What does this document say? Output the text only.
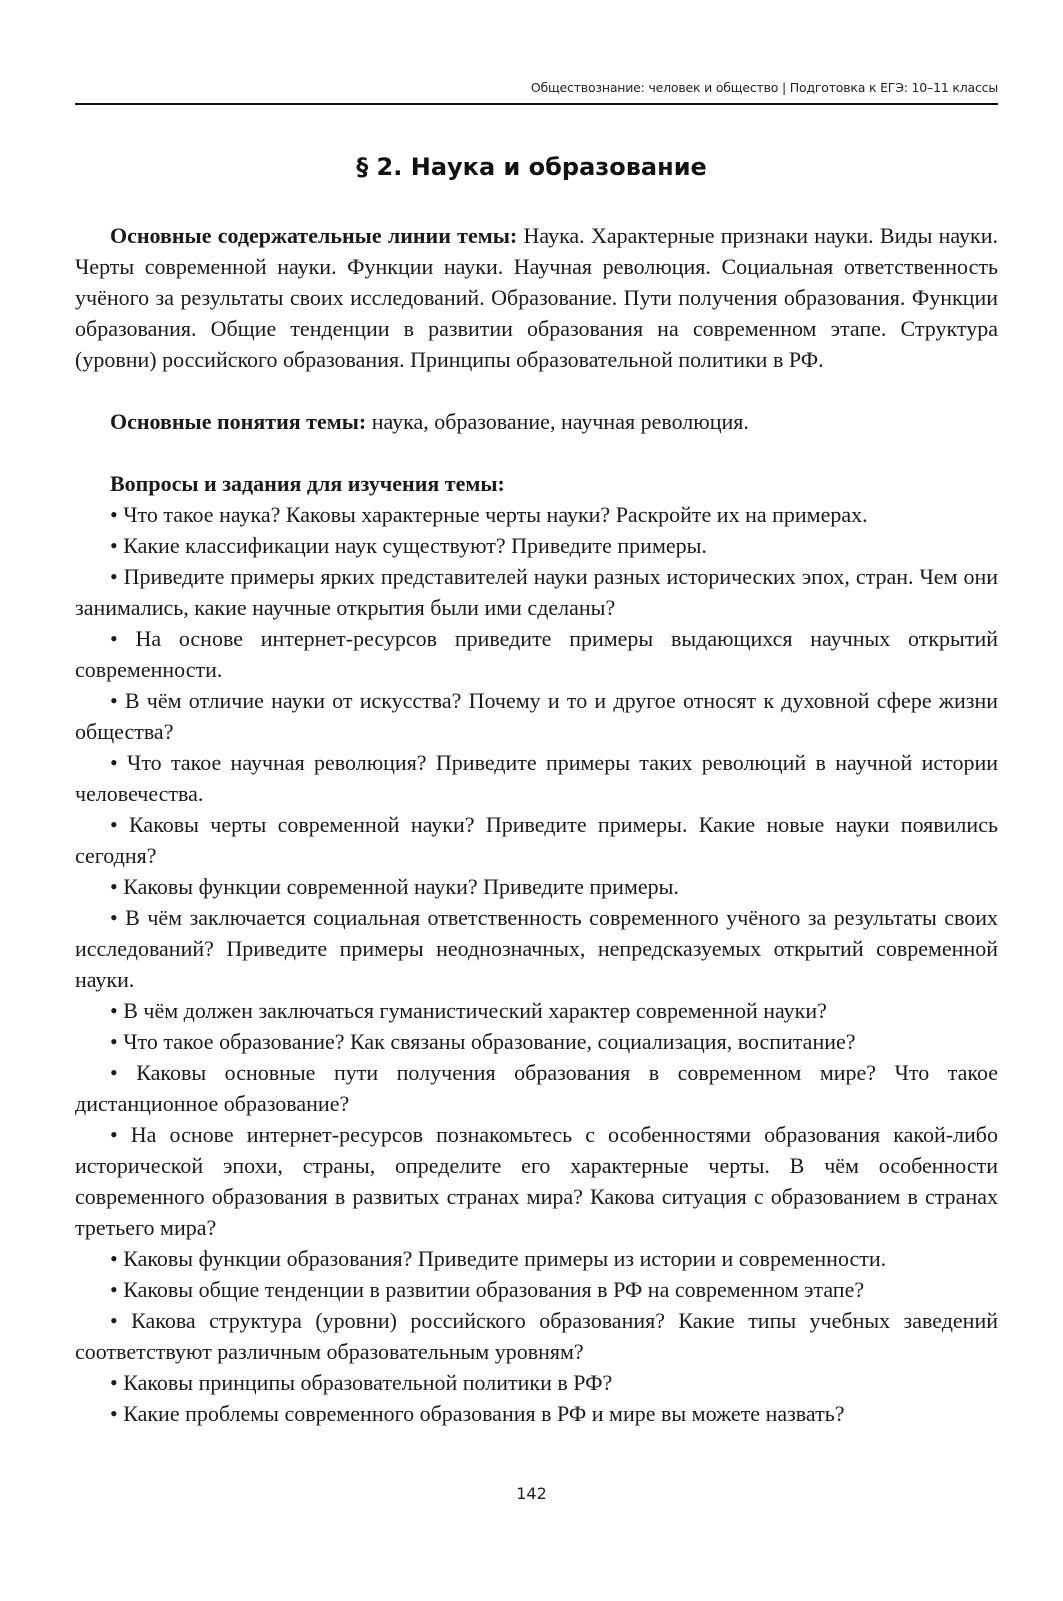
Обществознание: человек и общество | Подготовка к ЕГЭ: 10–11 классы
§ 2. Наука и образование

Основные содержательные линии темы: Наука. Характерные признаки науки. Виды науки. Черты современной науки. Функции науки. Научная революция. Социальная ответственность учёного за результаты своих исследований. Образование. Пути получения образования. Функции образования. Общие тенденции в развитии образования на современном этапе. Структура (уровни) российского образования. Принципы образовательной политики в РФ.

Основные понятия темы: наука, образование, научная революция.

Вопросы и задания для изучения темы:

• Что такое наука? Каковы характерные черты науки? Раскройте их на примерах.
• Какие классификации наук существуют? Приведите примеры.
• Приведите примеры ярких представителей науки разных исторических эпох, стран. Чем они занимались, какие научные открытия были ими сделаны?
• На основе интернет-ресурсов приведите примеры выдающихся научных открытий современности.
• В чём отличие науки от искусства? Почему и то и другое относят к духовной сфере жизни общества?
• Что такое научная революция? Приведите примеры таких революций в научной истории человечества.
• Каковы черты современной науки? Приведите примеры. Какие новые науки появились сегодня?
• Каковы функции современной науки? Приведите примеры.
• В чём заключается социальная ответственность современного учёного за результаты своих исследований? Приведите примеры неоднозначных, непредсказуемых открытий современной науки.
• В чём должен заключаться гуманистический характер современной науки?
• Что такое образование? Как связаны образование, социализация, воспитание?
• Каковы основные пути получения образования в современном мире? Что такое дистанционное образование?
• На основе интернет-ресурсов познакомьтесь с особенностями образования какой-либо исторической эпохи, страны, определите его характерные черты. В чём особенности современного образования в развитых странах мира? Какова ситуация с образованием в странах третьего мира?
• Каковы функции образования? Приведите примеры из истории и современности.
• Каковы общие тенденции в развитии образования в РФ на современном этапе?
• Какова структура (уровни) российского образования? Какие типы учебных заведений соответствуют различным образовательным уровням?
• Каковы принципы образовательной политики в РФ?
• Какие проблемы современного образования в РФ и мире вы можете назвать?
142
